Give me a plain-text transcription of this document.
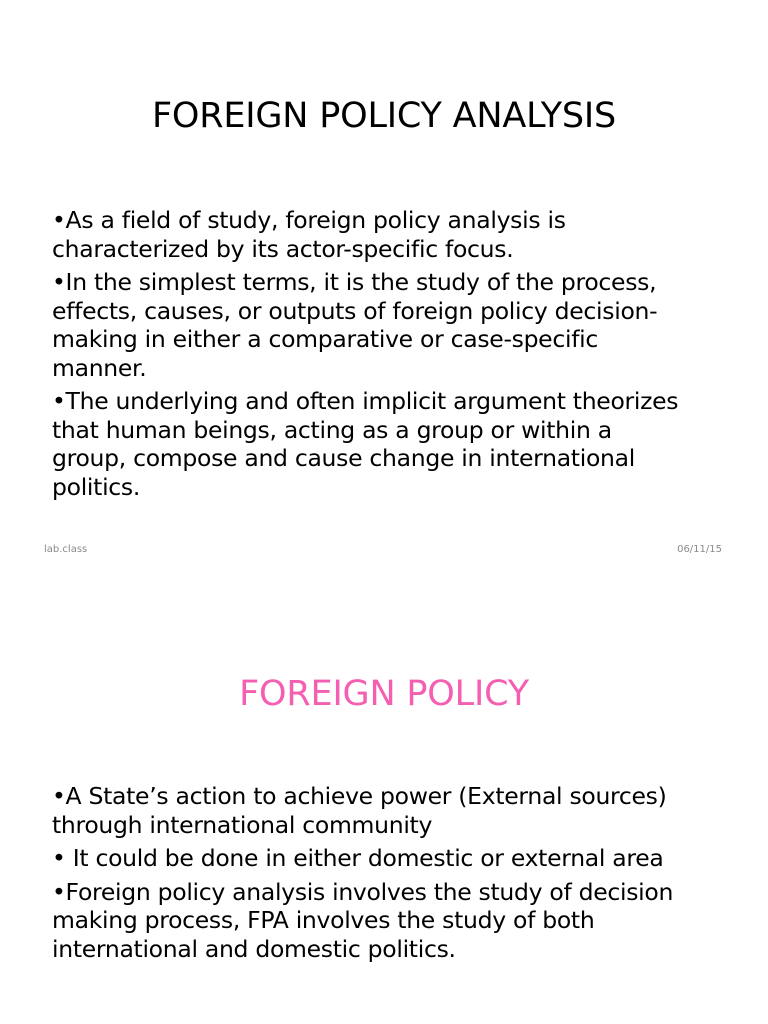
FOREIGN POLICY ANALYSIS
•As a field of study, foreign policy analysis is
characterized by its actor-specific focus.
•In the simplest terms, it is the study of the process,
effects, causes, or outputs of foreign policy decision-
making in either a comparative or case-specific
manner.
•The underlying and often implicit argument theorizes
that human beings, acting as a group or within a
group, compose and cause change in international
politics.
lab.class	06/11/15
FOREIGN POLICY
•A State’s action to achieve power (External sources)
through international community
• It could be done in either domestic or external area
•Foreign policy analysis involves the study of decision
making process, FPA involves the study of both
international and domestic politics.
